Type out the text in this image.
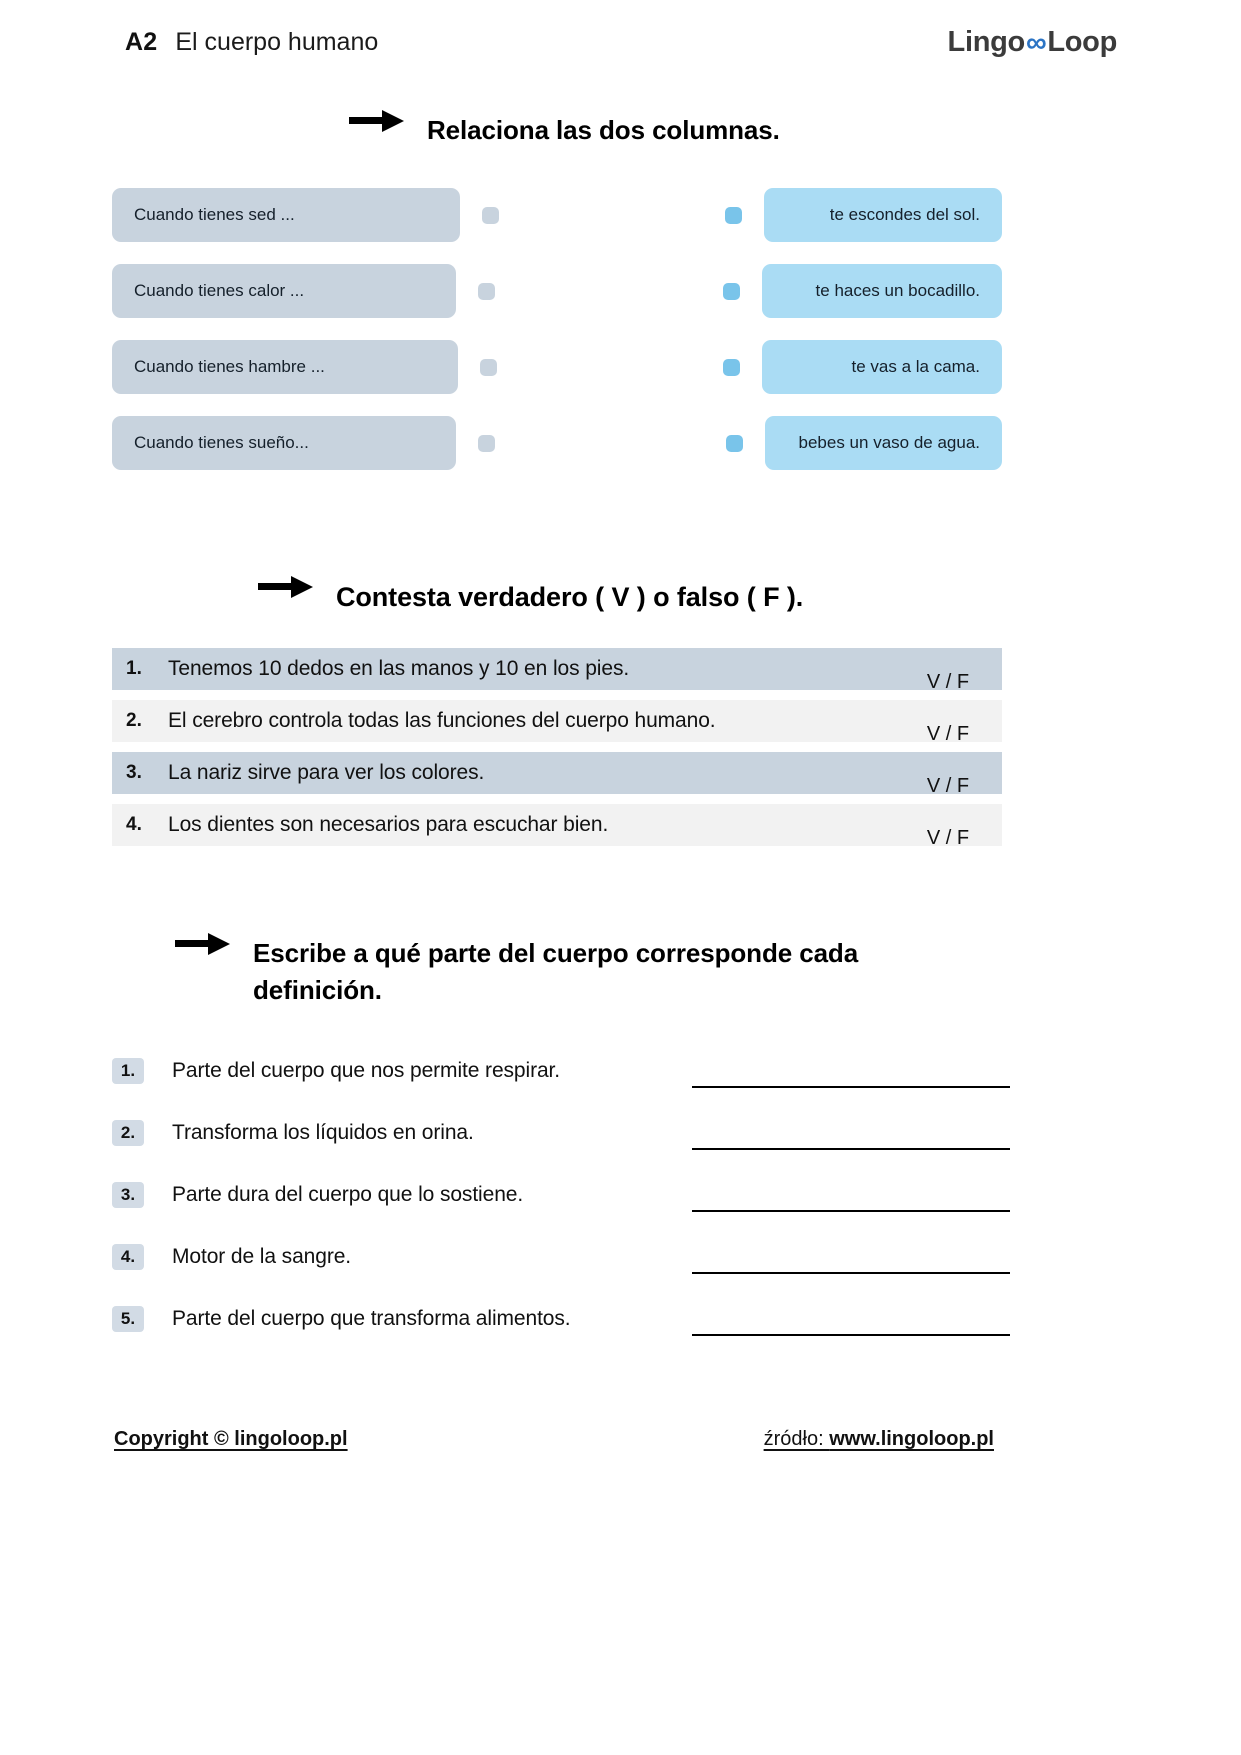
A2 El cuerpo humano	Lingo ∞ Loop
Relaciona las dos columnas.
Cuando tienes sed ...	te escondes del sol.
Cuando tienes calor ...	te haces un bocadillo.
Cuando tienes hambre ...	te vas a la cama.
Cuando tienes sueño...	bebes un vaso de agua.
Contesta verdadero ( V ) o falso ( F ).
1.	Tenemos 10 dedos en las manos y 10 en los pies.
V / F
2.	El cerebro controla todas las funciones del cuerpo humano.
V / F
3.	La nariz sirve para ver los colores.
V / F
4.	Los dientes son necesarios para escuchar bien.
V / F
Escribe a qué parte del cuerpo corresponde cada definición.
1.	Parte del cuerpo que nos permite respirar.
2.	Transforma los líquidos en orina.
3.	Parte dura del cuerpo que lo sostiene.
4.	Motor de la sangre.
5.	Parte del cuerpo que transforma alimentos.
Copyright © lingoloop.pl	źródło: www.lingoloop.pl
